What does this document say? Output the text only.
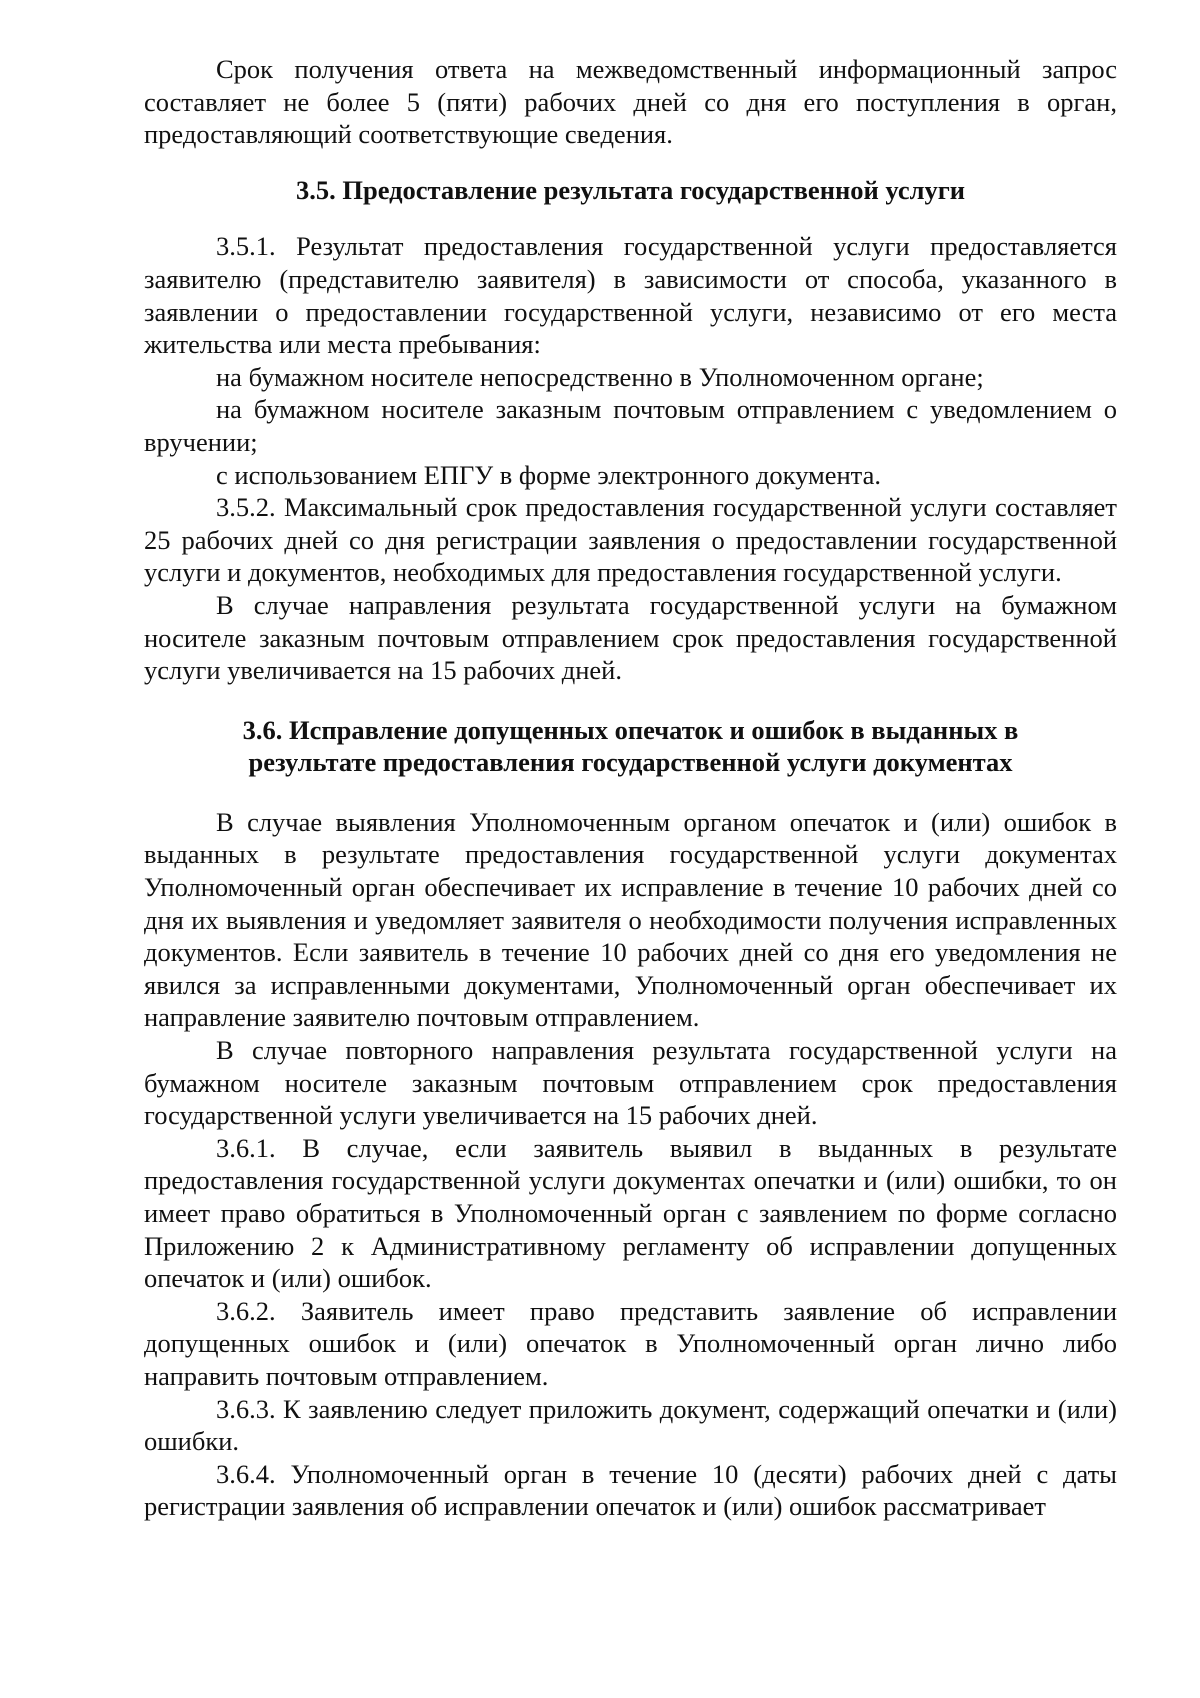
Срок получения ответа на межведомственный информационный запрос составляет не более 5 (пяти) рабочих дней со дня его поступления в орган, предоставляющий соответствующие сведения.

3.5. Предоставление результата государственной услуги

3.5.1. Результат предоставления государственной услуги предоставляется заявителю (представителю заявителя) в зависимости от способа, указанного в заявлении о предоставлении государственной услуги, независимо от его места жительства или места пребывания:

на бумажном носителе непосредственно в Уполномоченном органе;

на бумажном носителе заказным почтовым отправлением с уведомлением о вручении;

с использованием ЕПГУ в форме электронного документа.

3.5.2. Максимальный срок предоставления государственной услуги составляет 25 рабочих дней со дня регистрации заявления о предоставлении государственной услуги и документов, необходимых для предоставления государственной услуги.

В случае направления результата государственной услуги на бумажном носителе заказным почтовым отправлением срок предоставления государственной услуги увеличивается на 15 рабочих дней.

3.6. Исправление допущенных опечаток и ошибок в выданных в
результате предоставления государственной услуги документах

В случае выявления Уполномоченным органом опечаток и (или) ошибок в выданных в результате предоставления государственной услуги документах Уполномоченный орган обеспечивает их исправление в течение 10 рабочих дней со дня их выявления и уведомляет заявителя о необходимости получения исправленных документов. Если заявитель в течение 10 рабочих дней со дня его уведомления не явился за исправленными документами, Уполномоченный орган обеспечивает их направление заявителю почтовым отправлением.

В случае повторного направления результата государственной услуги на бумажном носителе заказным почтовым отправлением срок предоставления государственной услуги увеличивается на 15 рабочих дней.

3.6.1. В случае, если заявитель выявил в выданных в результате предоставления государственной услуги документах опечатки и (или) ошибки, то он имеет право обратиться в Уполномоченный орган с заявлением по форме согласно Приложению 2 к Административному регламенту об исправлении допущенных опечаток и (или) ошибок.

3.6.2. Заявитель имеет право представить заявление об исправлении допущенных ошибок и (или) опечаток в Уполномоченный орган лично либо направить почтовым отправлением.

3.6.3. К заявлению следует приложить документ, содержащий опечатки и (или) ошибки.

3.6.4. Уполномоченный орган в течение 10 (десяти) рабочих дней с даты регистрации заявления об исправлении опечаток и (или) ошибок рассматривает
